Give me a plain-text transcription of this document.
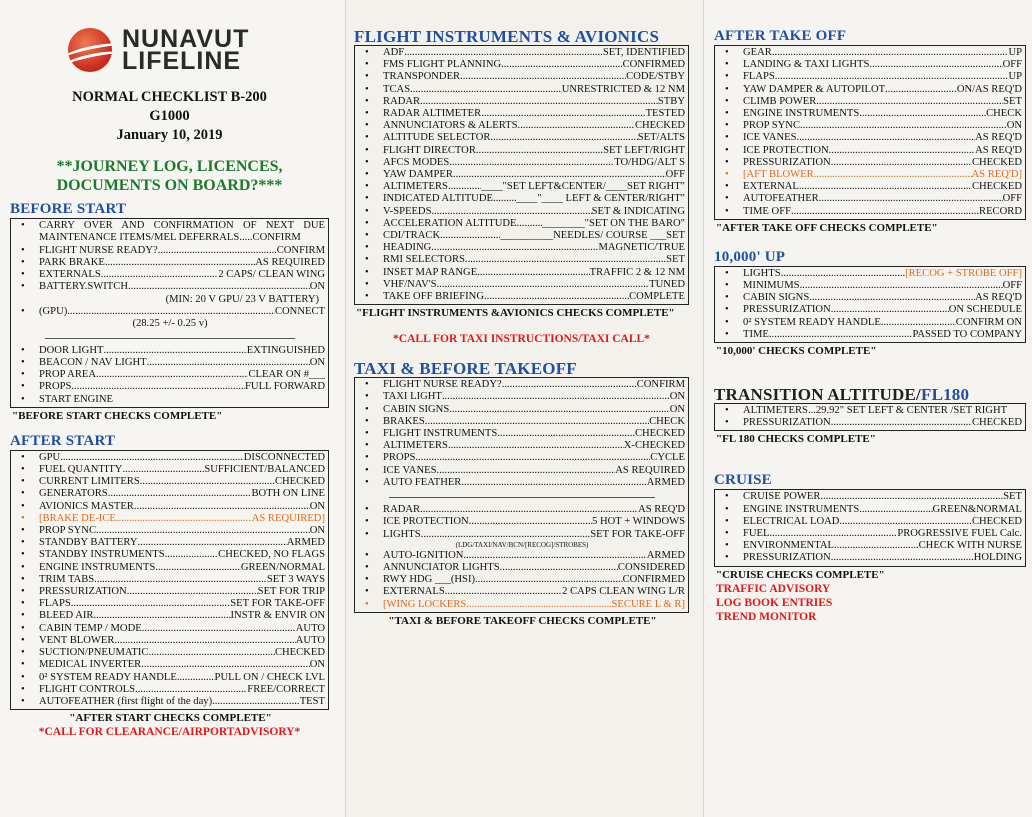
NUNAVUT
LIFELINE
NORMAL CHECKLIST B-200
G1000
January 10, 2019
**JOURNEY LOG, LICENCES, DOCUMENTS ON BOARD?***
BEFORE START
• CARRY OVER AND CONFIRMATION OF NEXT DUE MAINTENANCE ITEMS/MEL DEFERRALS.....CONFIRM
• FLIGHT NURSE READY? .....	CONFIRM
• PARK BRAKE .....	AS REQUIRED
• EXTERNALS .....	2 CAPS/ CLEAN WING
• BATTERY.SWITCH .....	ON
(MIN: 20 V GPU/ 23 V BATTERY)
• (GPU) .....	CONNECT
(28.25 +/- 0.25 v)
• DOOR LIGHT .....	EXTINGUISHED
• BEACON / NAV LIGHT .....	ON
• PROP AREA .....	CLEAR ON #___
• PROPS .....	FULL FORWARD
• START ENGINE
"BEFORE START CHECKS COMPLETE"
AFTER START
• GPU .....	DISCONNECTED
• FUEL QUANTITY .....	SUFFICIENT/BALANCED
• CURRENT LIMITERS .....	CHECKED
• GENERATORS .....	BOTH ON LINE
• AVIONICS MASTER .....	ON
• [BRAKE DE-ICE .....	AS REQUIRED]
• PROP SYNC .....	ON
• STANDBY BATTERY .....	ARMED
• STANDBY INSTRUMENTS .....	CHECKED, NO FLAGS
• ENGINE INSTRUMENTS .....	GREEN/NORMAL
• TRIM TABS .....	SET 3 WAYS
• PRESSURIZATION .....	SET FOR TRIP
• FLAPS .....	SET FOR TAKE-OFF
• BLEED AIR .....	INSTR & ENVIR ON
• CABIN TEMP / MODE .....	AUTO
• VENT BLOWER .....	AUTO
• SUCTION/PNEUMATIC .....	CHECKED
• MEDICAL INVERTER .....	ON
• 0² SYSTEM READY HANDLE .....	PULL ON / CHECK LVL
• FLIGHT CONTROLS .....	FREE/CORRECT
• AUTOFEATHER (first flight of the day) .....	TEST
"AFTER START CHECKS COMPLETE"
*CALL FOR CLEARANCE/AIRPORTADVISORY*
FLIGHT INSTRUMENTS & AVIONICS
• ADF .....	SET, IDENTIFIED
• FMS FLIGHT PLANNING .....	CONFIRMED
• TRANSPONDER .....	CODE/STBY
• TCAS .....	UNRESTRICTED & 12 NM
• RADAR .....	STBY
• RADAR ALTIMETER .....	TESTED
• ANNUNCIATORS & ALERTS .....	CHECKED
• ALTITUDE SELECTOR .....	SET/ALTS
• FLIGHT DIRECTOR .....	SET LEFT/RIGHT
• AFCS MODES .....	TO/HDG/ALT S
• YAW DAMPER .....	OFF
• ALTIMETERS .....	____"SET LEFT&CENTER/____SET RIGHT"
• INDICATED ALTITUDE ..... ____"____ LEFT & CENTER/RIGHT"
• V-SPEEDS .....	SET & INDICATING
• ACCELERATION ALTITUDE ..... ________"SET ON THE BARO"
• CDI/TRACK .....	__________NEEDLES/ COURSE ___SET
• HEADING .....	MAGNETIC/TRUE
• RMI SELECTORS .....	SET
• INSET MAP RANGE .....	TRAFFIC 2 & 12 NM
• VHF/NAV'S .....	TUNED
• TAKE OFF BRIEFING .....	COMPLETE
"FLIGHT INSTRUMENTS &AVIONICS CHECKS COMPLETE"
*CALL FOR TAXI INSTRUCTIONS/TAXI CALL*
TAXI & BEFORE TAKEOFF
• FLIGHT NURSE READY? .....	CONFIRM
• TAXI LIGHT .....	ON
• CABIN SIGNS .....	ON
• BRAKES .....	CHECK
• FLIGHT INSTRUMENTS .....	CHECKED
• ALTIMETERS .....	X-CHECKED
• PROPS .....	CYCLE
• ICE VANES .....	AS REQUIRED
• AUTO FEATHER .....	ARMED
• RADAR .....	AS REQ'D
• ICE PROTECTION .....	5 HOT + WINDOWS
• LIGHTS .....	SET FOR TAKE-OFF
(LDG/TAXI/NAV/BCN/[RECOG]/STROBES)
• AUTO-IGNITION .....	ARMED
• ANNUNCIATOR LIGHTS .....	CONSIDERED
• RWY HDG ___(HSI) .....	CONFIRMED
• EXTERNALS .....	2 CAPS CLEAN WING L/R
• [WING LOCKERS .....	SECURE L & R]
"TAXI & BEFORE TAKEOFF CHECKS COMPLETE"
AFTER TAKE OFF
• GEAR .....	UP
• LANDING & TAXI LIGHTS .....	OFF
• FLAPS .....	UP
• YAW DAMPER & AUTOPILOT .....	ON/AS REQ'D
• CLIMB POWER .....	SET
• ENGINE INSTRUMENTS .....	CHECK
• PROP SYNC .....	ON
• ICE VANES .....	AS REQ'D
• ICE PROTECTION .....	AS REQ'D
• PRESSURIZATION .....	CHECKED
• [AFT BLOWER .....	AS REQ'D]
• EXTERNAL .....	CHECKED
• AUTOFEATHER .....	OFF
• TIME OFF .....	RECORD
"AFTER TAKE OFF CHECKS COMPLETE"
10,000' UP
• LIGHTS .....	[RECOG + STROBE OFF]
• MINIMUMS .....	OFF
• CABIN SIGNS .....	AS REQ'D
• PRESSURIZATION .....	ON SCHEDULE
• 0² SYSTEM READY HANDLE .....	CONFIRM ON
• TIME .....	PASSED TO COMPANY
"10,000' CHECKS COMPLETE"
TRANSITION ALTITUDE/FL180
• ALTIMETERS...29.92" SET LEFT & CENTER /SET RIGHT
• PRESSURIZATION .....	CHECKED
"FL 180 CHECKS COMPLETE"
CRUISE
• CRUISE POWER .....	SET
• ENGINE INSTRUMENTS .....	GREEN&NORMAL
• ELECTRICAL LOAD .....	CHECKED
• FUEL .....	PROGRESSIVE FUEL Calc.
• ENVIRONMENTAL .....	CHECK WITH NURSE
• PRESSURIZATION .....	HOLDING
"CRUISE CHECKS COMPLETE"
TRAFFIC ADVISORY
LOG BOOK ENTRIES
TREND MONITOR
